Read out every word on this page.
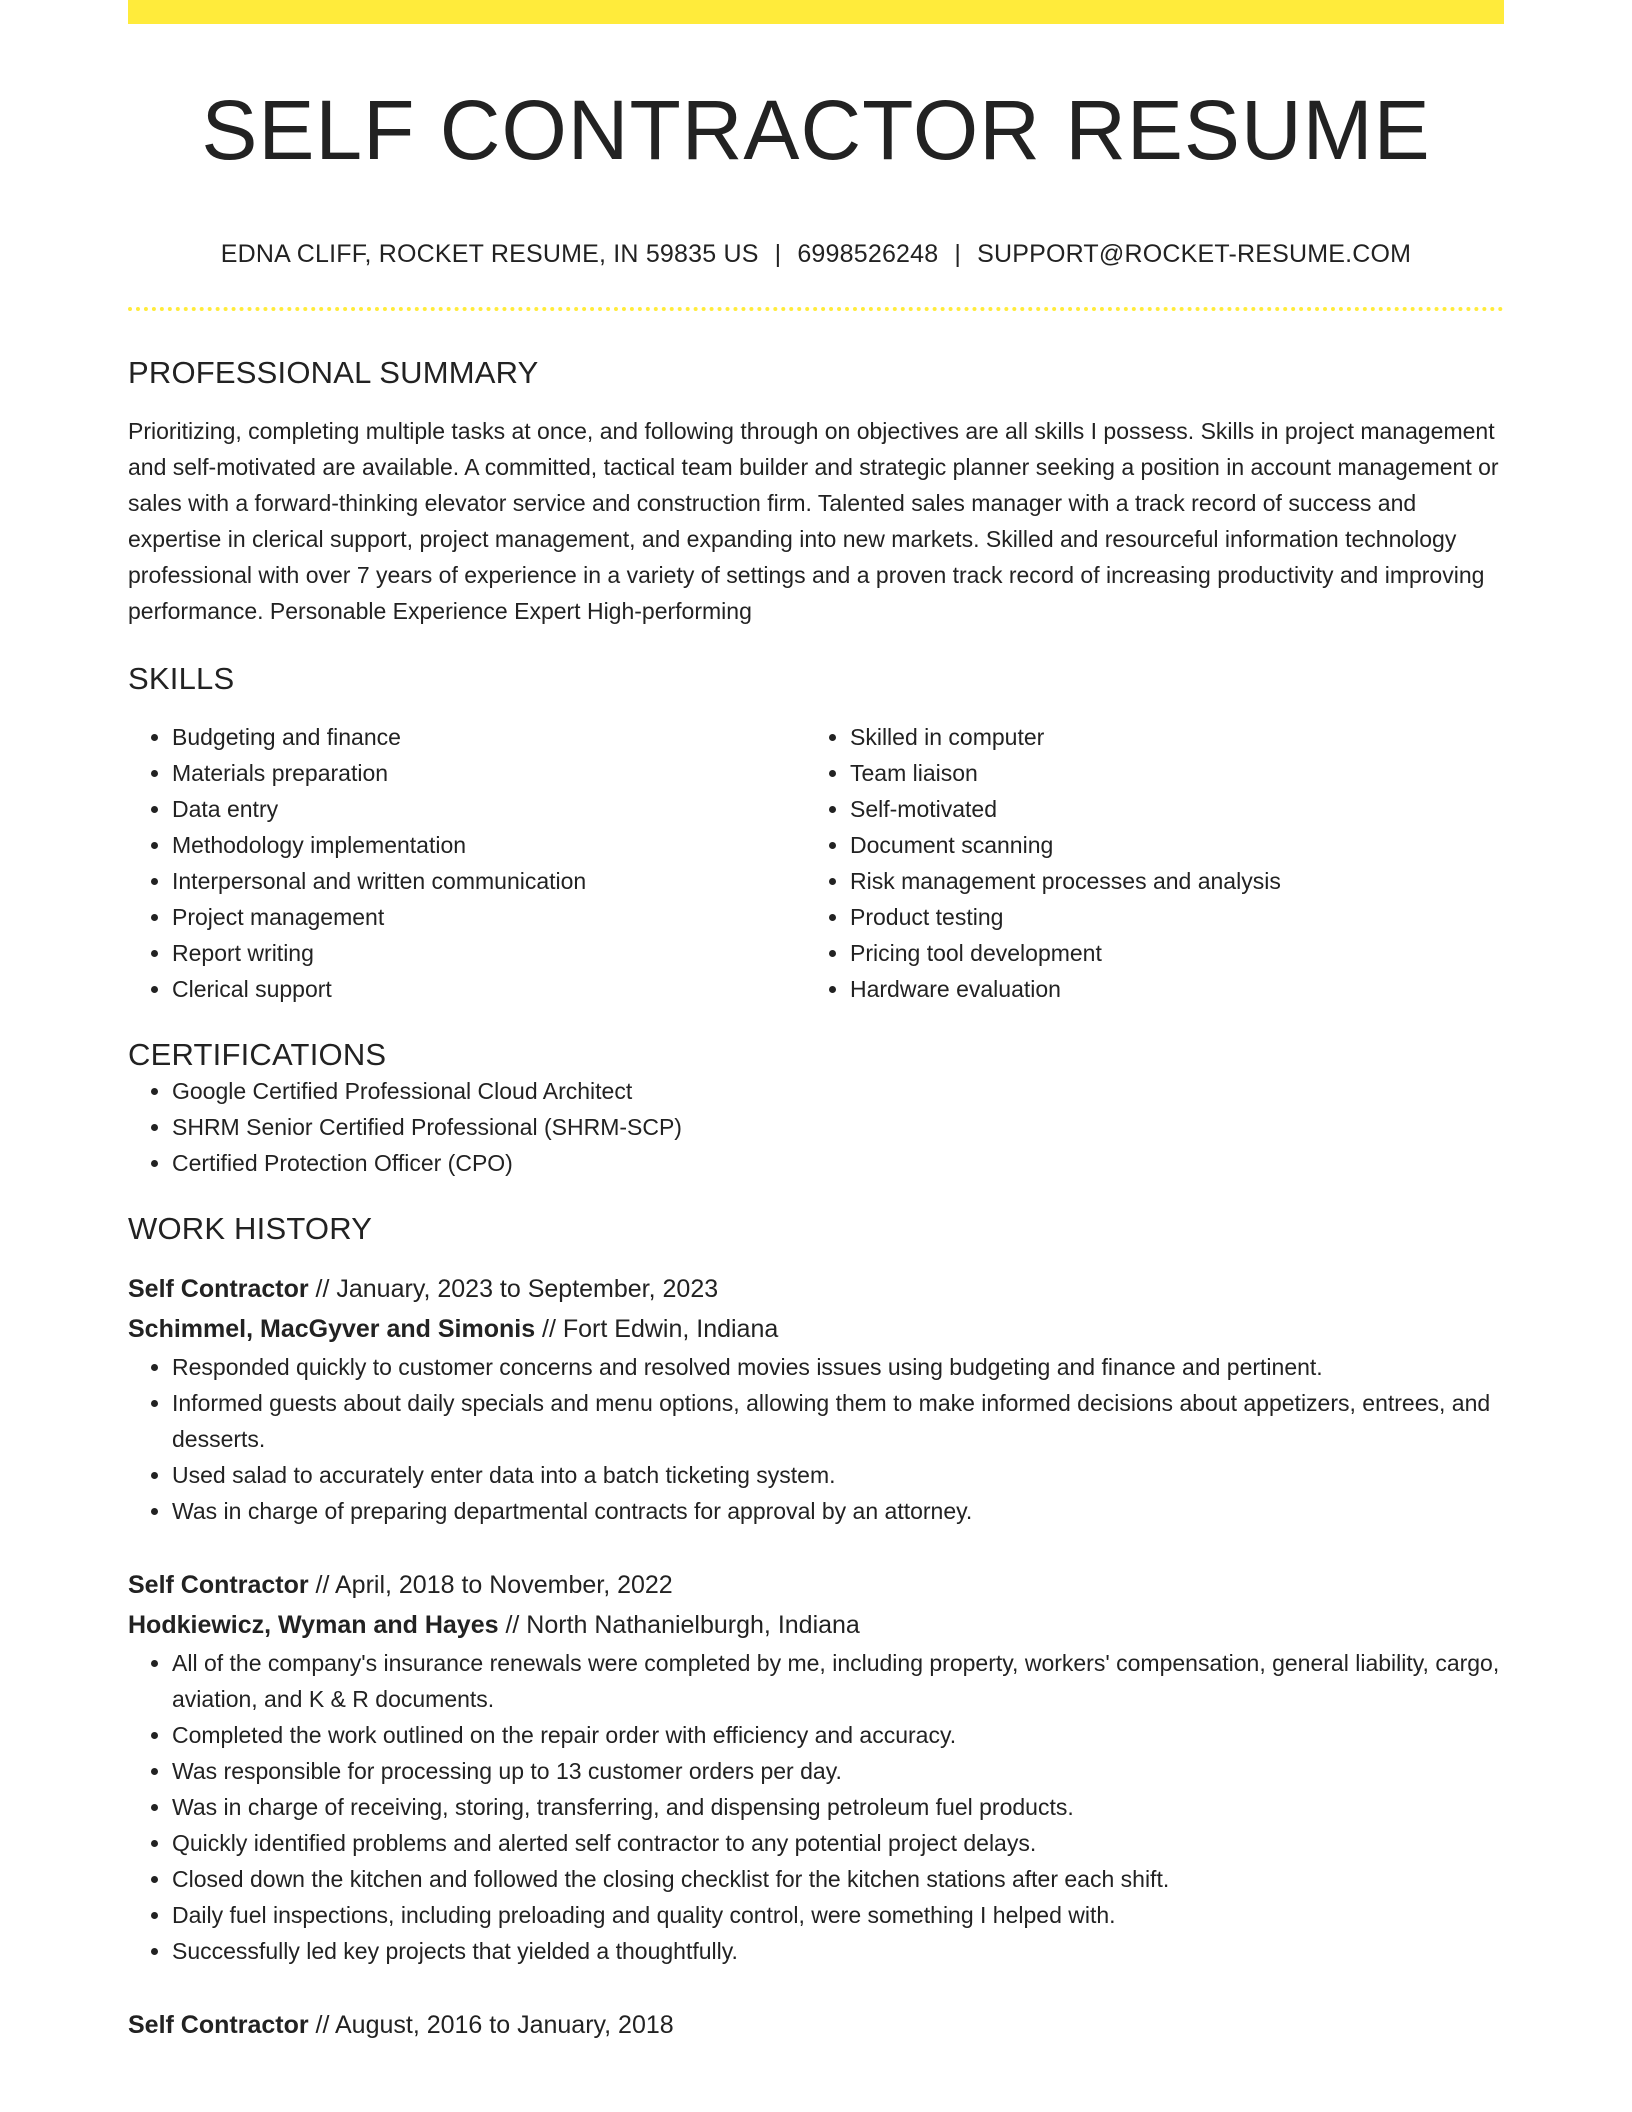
SELF CONTRACTOR RESUME
EDNA CLIFF, ROCKET RESUME, IN 59835 US | 6998526248 | SUPPORT@ROCKET-RESUME.COM
PROFESSIONAL SUMMARY
Prioritizing, completing multiple tasks at once, and following through on objectives are all skills I possess. Skills in project management and self-motivated are available. A committed, tactical team builder and strategic planner seeking a position in account management or sales with a forward-thinking elevator service and construction firm. Talented sales manager with a track record of success and expertise in clerical support, project management, and expanding into new markets. Skilled and resourceful information technology professional with over 7 years of experience in a variety of settings and a proven track record of increasing productivity and improving performance. Personable Experience Expert High-performing
SKILLS
• Budgeting and finance
• Materials preparation
• Data entry
• Methodology implementation
• Interpersonal and written communication
• Project management
• Report writing
• Clerical support
• Skilled in computer
• Team liaison
• Self-motivated
• Document scanning
• Risk management processes and analysis
• Product testing
• Pricing tool development
• Hardware evaluation
CERTIFICATIONS
• Google Certified Professional Cloud Architect
• SHRM Senior Certified Professional (SHRM-SCP)
• Certified Protection Officer (CPO)
WORK HISTORY
Self Contractor // January, 2023 to September, 2023
Schimmel, MacGyver and Simonis // Fort Edwin, Indiana
• Responded quickly to customer concerns and resolved movies issues using budgeting and finance and pertinent.
• Informed guests about daily specials and menu options, allowing them to make informed decisions about appetizers, entrees, and desserts.
• Used salad to accurately enter data into a batch ticketing system.
• Was in charge of preparing departmental contracts for approval by an attorney.
Self Contractor // April, 2018 to November, 2022
Hodkiewicz, Wyman and Hayes // North Nathanielburgh, Indiana
• All of the company's insurance renewals were completed by me, including property, workers' compensation, general liability, cargo, aviation, and K & R documents.
• Completed the work outlined on the repair order with efficiency and accuracy.
• Was responsible for processing up to 13 customer orders per day.
• Was in charge of receiving, storing, transferring, and dispensing petroleum fuel products.
• Quickly identified problems and alerted self contractor to any potential project delays.
• Closed down the kitchen and followed the closing checklist for the kitchen stations after each shift.
• Daily fuel inspections, including preloading and quality control, were something I helped with.
• Successfully led key projects that yielded a thoughtfully.
Self Contractor // August, 2016 to January, 2018
